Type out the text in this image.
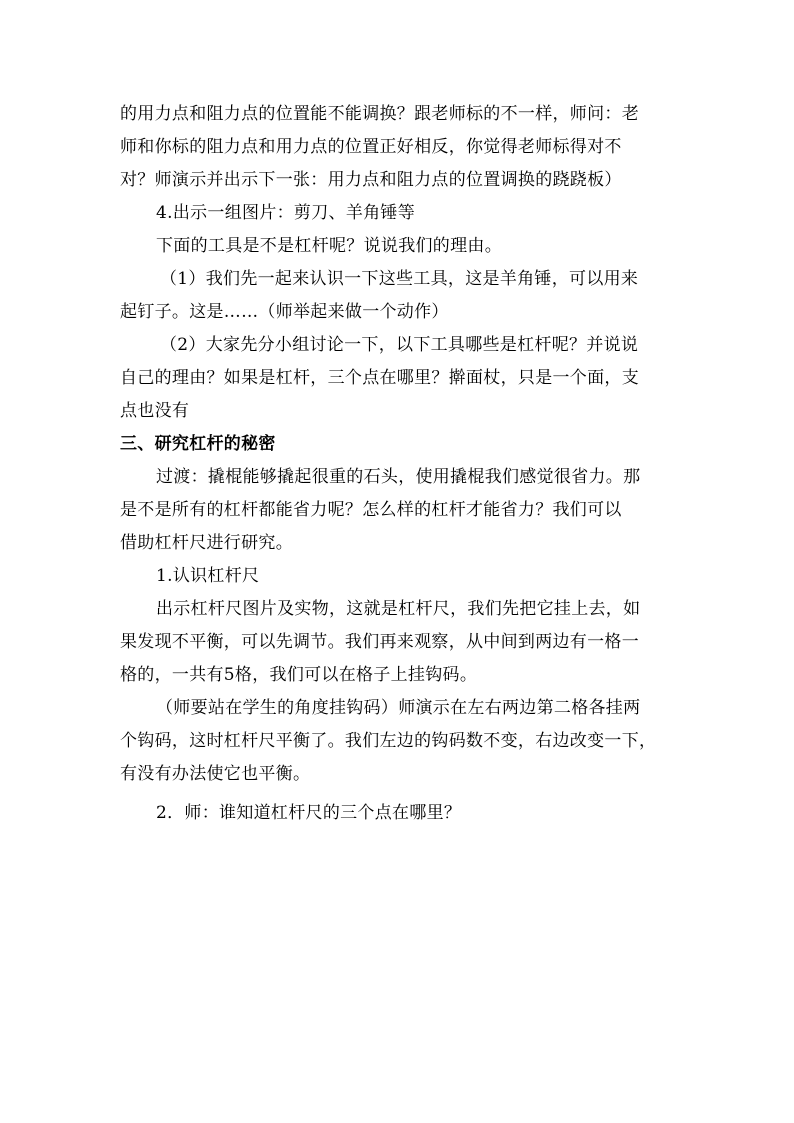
的用力点和阻力点的位置能不能调换？跟老师标的不一样，师问：老

师和你标的阻力点和用力点的位置正好相反，你觉得老师标得对不

对？师演示并出示下一张：用力点和阻力点的位置调换的跷跷板）

4.出示一组图片：剪刀、羊角锤等

下面的工具是不是杠杆呢？说说我们的理由。

（1）我们先一起来认识一下这些工具，这是羊角锤，可以用来

起钉子。这是……（师举起来做一个动作）

（2）大家先分小组讨论一下，以下工具哪些是杠杆呢？并说说

自己的理由？如果是杠杆，三个点在哪里？擀面杖，只是一个面，支

点也没有

三、研究杠杆的秘密

过渡：撬棍能够撬起很重的石头，使用撬棍我们感觉很省力。那

是不是所有的杠杆都能省力呢？怎么样的杠杆才能省力？我们可以

借助杠杆尺进行研究。

1.认识杠杆尺

出示杠杆尺图片及实物，这就是杠杆尺，我们先把它挂上去，如

果发现不平衡，可以先调节。我们再来观察，从中间到两边有一格一

格的，一共有5格，我们可以在格子上挂钩码。

（师要站在学生的角度挂钩码）师演示在左右两边第二格各挂两

个钩码，这时杠杆尺平衡了。我们左边的钩码数不变，右边改变一下，

有没有办法使它也平衡。

2．师：谁知道杠杆尺的三个点在哪里？
